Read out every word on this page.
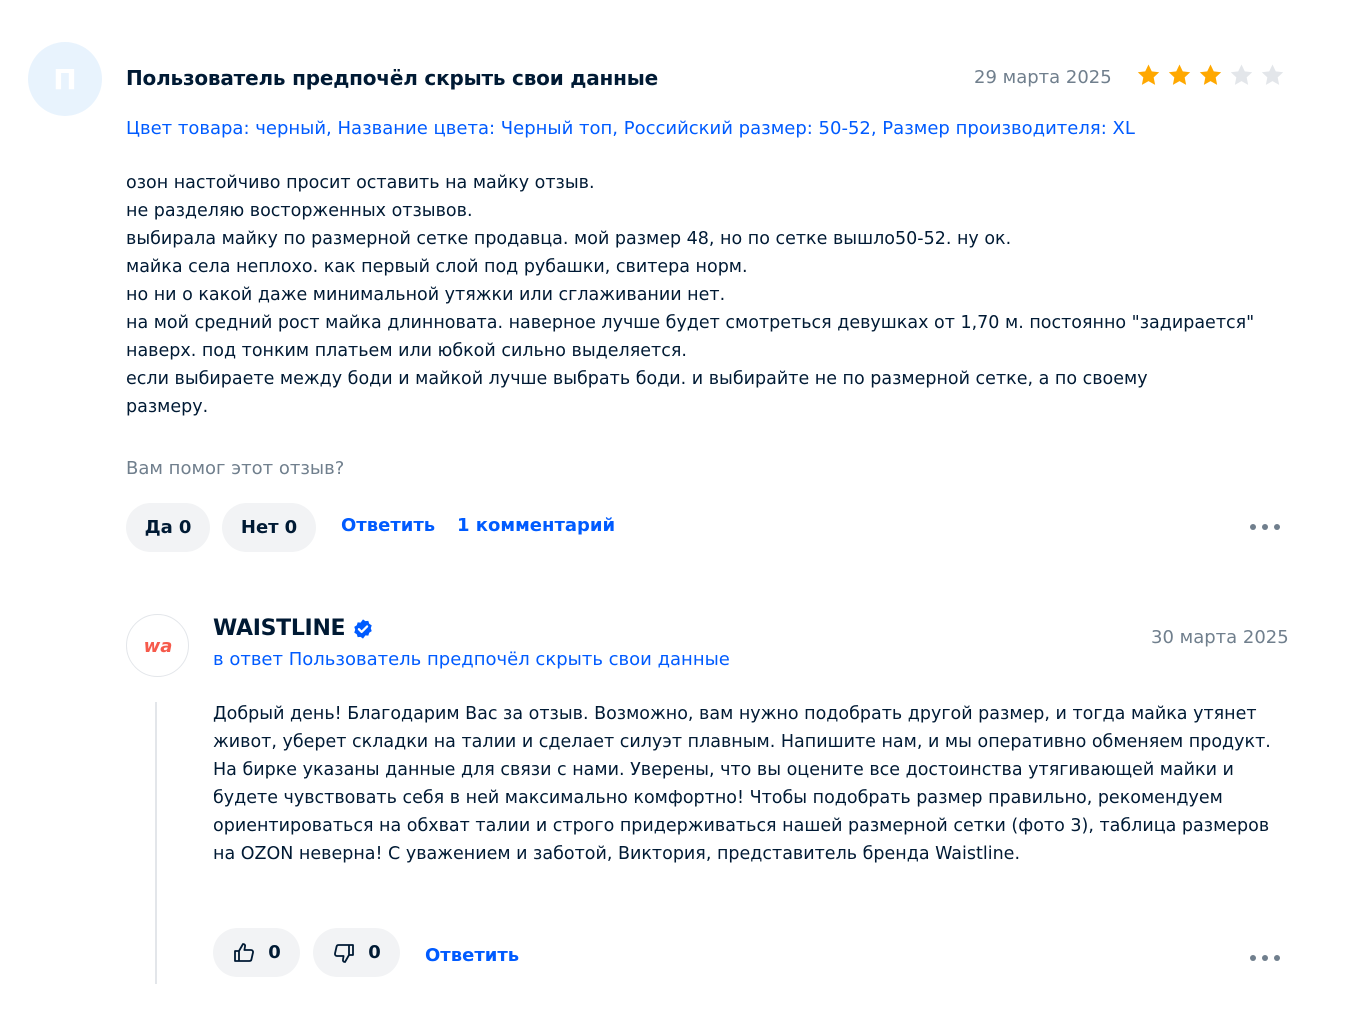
П Пользователь предпочёл скрыть свои данные	29 марта 2025
Цвет товара: черный, Название цвета: Черный топ, Российский размер: 50-52, Размер производителя: XL

озон настойчиво просит оставить на майку отзыв.

не разделяю восторженных отзывов.

выбирала майку по размерной сетке продавца. мой размер 48, но по сетке вышло50-52. ну ок.

майка села неплохо. как первый слой под рубашки, свитера норм.

но ни о какой даже минимальной утяжки или сглаживании нет.

на мой средний рост майка длинновата. наверное лучше будет смотреться девушках от 1,70 м. постоянно "задирается"

наверх. под тонким платьем или юбкой сильно выделяется.

если выбираете между боди и майкой лучше выбрать боди. и выбирайте не по размерной сетке, а по своему

размеру.

Вам помог этот отзыв?
Да 0	Нет 0 Ответить 1 комментарий
wa
WAISTLINE
в ответ Пользователь предпочёл скрыть свои данные
30 марта 2025
Добрый день! Благодарим Вас за отзыв. Возможно, вам нужно подобрать другой размер, и тогда майка утянет живот, уберет складки на талии и сделает силуэт плавным. Напишите нам, и мы оперативно обменяем продукт. На бирке указаны данные для связи с нами. Уверены, что вы оцените все достоинства утягивающей майки и будете чувствовать себя в ней максимально комфортно! Чтобы подобрать размер правильно, рекомендуем ориентироваться на обхват талии и строго придерживаться нашей размерной сетки (фото 3), таблица размеров на OZON неверна! С уважением и заботой, Виктория, представитель бренда Waistline.
0	0 Ответить
